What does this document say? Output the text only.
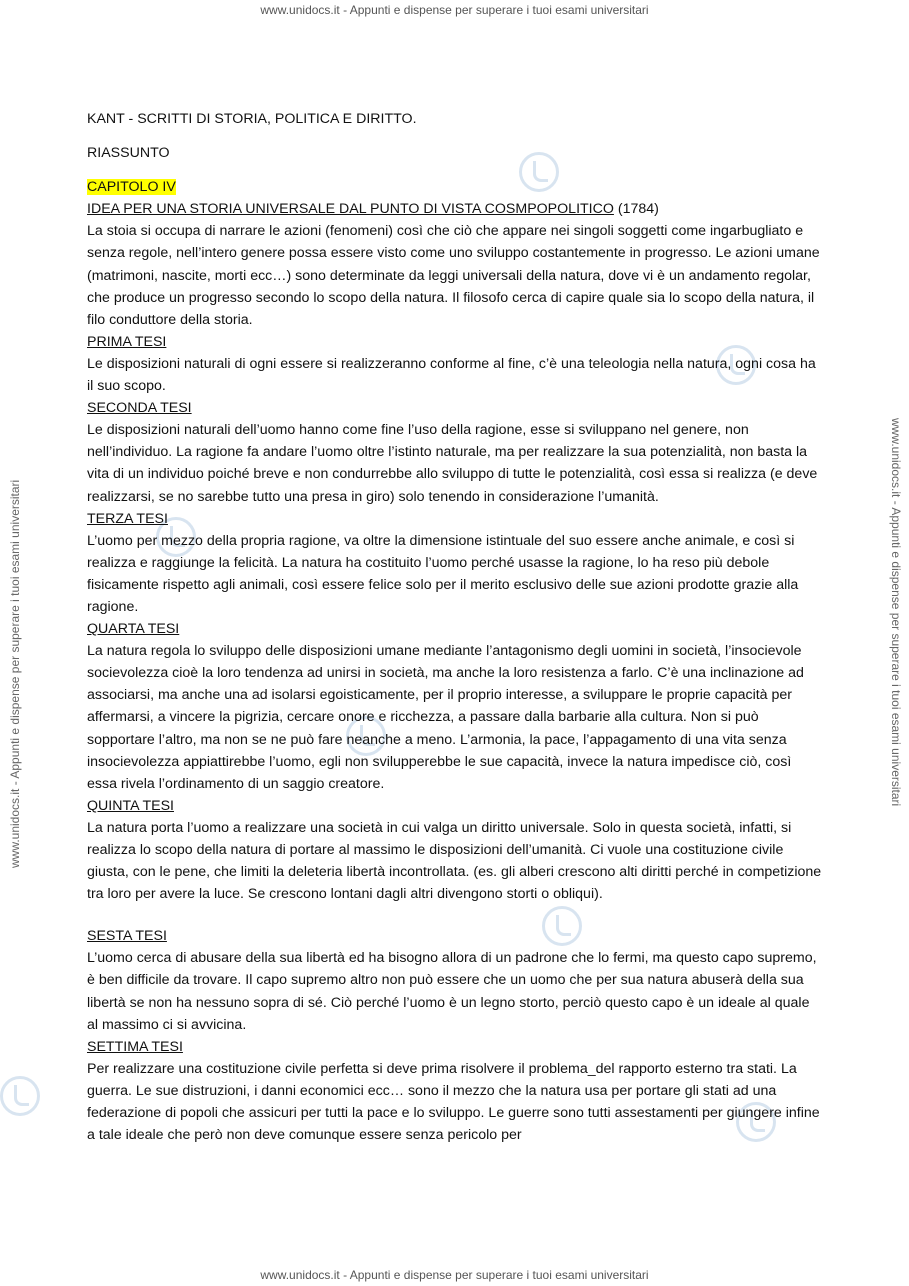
www.unidocs.it - Appunti e dispense per superare i tuoi esami universitari
www.unidocs.it - Appunti e dispense per superare i tuoi esami universitari
www.unidocs.it - Appunti e dispense per superare i tuoi esami universitari	www.unidocs.it - Appunti e dispense per superare i tuoi esami universitari

KANT - SCRITTI DI STORIA, POLITICA E DIRITTO.

RIASSUNTO

CAPITOLO IV

IDEA PER UNA STORIA UNIVERSALE DAL PUNTO DI VISTA COSMPOPOLITICO (1784)

La stoia si occupa di narrare le azioni (fenomeni) così che ciò che appare nei singoli soggetti come ingarbugliato e senza regole, nell’intero genere possa essere visto come uno sviluppo costantemente in progresso. Le azioni umane (matrimoni, nascite, morti ecc…) sono determinate da leggi universali della natura, dove vi è un andamento regolar, che produce un progresso secondo lo scopo della natura. Il filosofo cerca di capire quale sia lo scopo della natura, il filo conduttore della storia.

PRIMA TESI

Le disposizioni naturali di ogni essere si realizzeranno conforme al fine, c’è una teleologia nella natura, ogni cosa ha il suo scopo.

SECONDA TESI

Le disposizioni naturali dell’uomo hanno come fine l’uso della ragione, esse si sviluppano nel genere, non nell’individuo. La ragione fa andare l’uomo oltre l’istinto naturale, ma per realizzare la sua potenzialità, non basta la vita di un individuo poiché breve e non condurrebbe allo sviluppo di tutte le potenzialità, così essa si realizza (e deve realizzarsi, se no sarebbe tutto una presa in giro) solo tenendo in considerazione l’umanità.

TERZA TESI

L’uomo per mezzo della propria ragione, va oltre la dimensione istintuale del suo essere anche animale, e così si realizza e raggiunge la felicità. La natura ha costituito l’uomo perché usasse la ragione, lo ha reso più debole fisicamente rispetto agli animali, così essere felice solo per il merito esclusivo delle sue azioni prodotte grazie alla ragione.

QUARTA TESI

La natura regola lo sviluppo delle disposizioni umane mediante l’antagonismo degli uomini in società, l’insocievole socievolezza cioè la loro tendenza ad unirsi in società, ma anche la loro resistenza a farlo. C’è una inclinazione ad associarsi, ma anche una ad isolarsi egoisticamente, per il proprio interesse, a sviluppare le proprie capacità per affermarsi, a vincere la pigrizia, cercare onore e ricchezza, a passare dalla barbarie alla cultura. Non si può sopportare l’altro, ma non se ne può fare neanche a meno. L’armonia, la pace, l’appagamento di una vita senza insocievolezza appiattirebbe l’uomo, egli non svilupperebbe le sue capacità, invece la natura impedisce ciò, così essa rivela l’ordinamento di un saggio creatore.

QUINTA TESI

La natura porta l’uomo a realizzare una società in cui valga un diritto universale. Solo in questa società, infatti, si realizza lo scopo della natura di portare al massimo le disposizioni dell’umanità. Ci vuole una costituzione civile giusta, con le pene, che limiti la deleteria libertà incontrollata. (es. gli alberi crescono alti diritti perché in competizione tra loro per avere la luce. Se crescono lontani dagli altri divengono storti o obliqui).

SESTA TESI

L’uomo cerca di abusare della sua libertà ed ha bisogno allora di un padrone che lo fermi, ma questo capo supremo, è ben difficile da trovare. Il capo supremo altro non può essere che un uomo che per sua natura abuserà della sua libertà se non ha nessuno sopra di sé. Ciò perché l’uomo è un legno storto, perciò questo capo è un ideale al quale al massimo ci si avvicina.

SETTIMA TESI

Per realizzare una costituzione civile perfetta si deve prima risolvere il problema_del rapporto esterno tra stati. La guerra. Le sue distruzioni, i danni economici ecc… sono il mezzo che la natura usa per portare gli stati ad una federazione di popoli che assicuri per tutti la pace e lo sviluppo. Le guerre sono tutti assestamenti per giungere infine a tale ideale che però non deve comunque essere senza pericolo per
